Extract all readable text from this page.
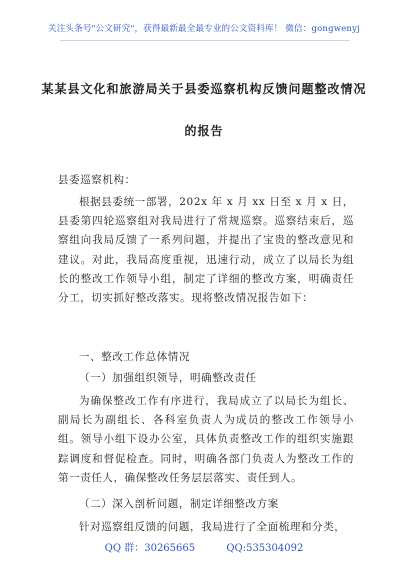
关注头条号"公文研究"，获得最新最全最专业的公文资料库！ 微信：gongwenyj
某某县文化和旅游局关于县委巡察机构反馈问题整改情况
的报告
县委巡察机构：
根据县委统一部署，202x 年 x 月 xx 日至 x 月 x 日，县委第四轮巡察组对我局进行了常规巡察。巡察结束后，巡察组向我局反馈了一系列问题，并提出了宝贵的整改意见和建议。对此，我局高度重视，迅速行动，成立了以局长为组长的整改工作领导小组，制定了详细的整改方案，明确责任分工，切实抓好整改落实。现将整改情况报告如下：
一、整改工作总体情况
（一）加强组织领导，明确整改责任
为确保整改工作有序进行，我局成立了以局长为组长、副局长为副组长、各科室负责人为成员的整改工作领导小组。领导小组下设办公室，具体负责整改工作的组织实施跟踪调度和督促检查。同时，明确各部门负责人为整改工作的第一责任人，确保整改任务层层落实、责任到人。
（二）深入剖析问题，制定详细整改方案
针对巡察组反馈的问题，我局进行了全面梳理和分类，
QQ 群：30265665	QQ:535304092
